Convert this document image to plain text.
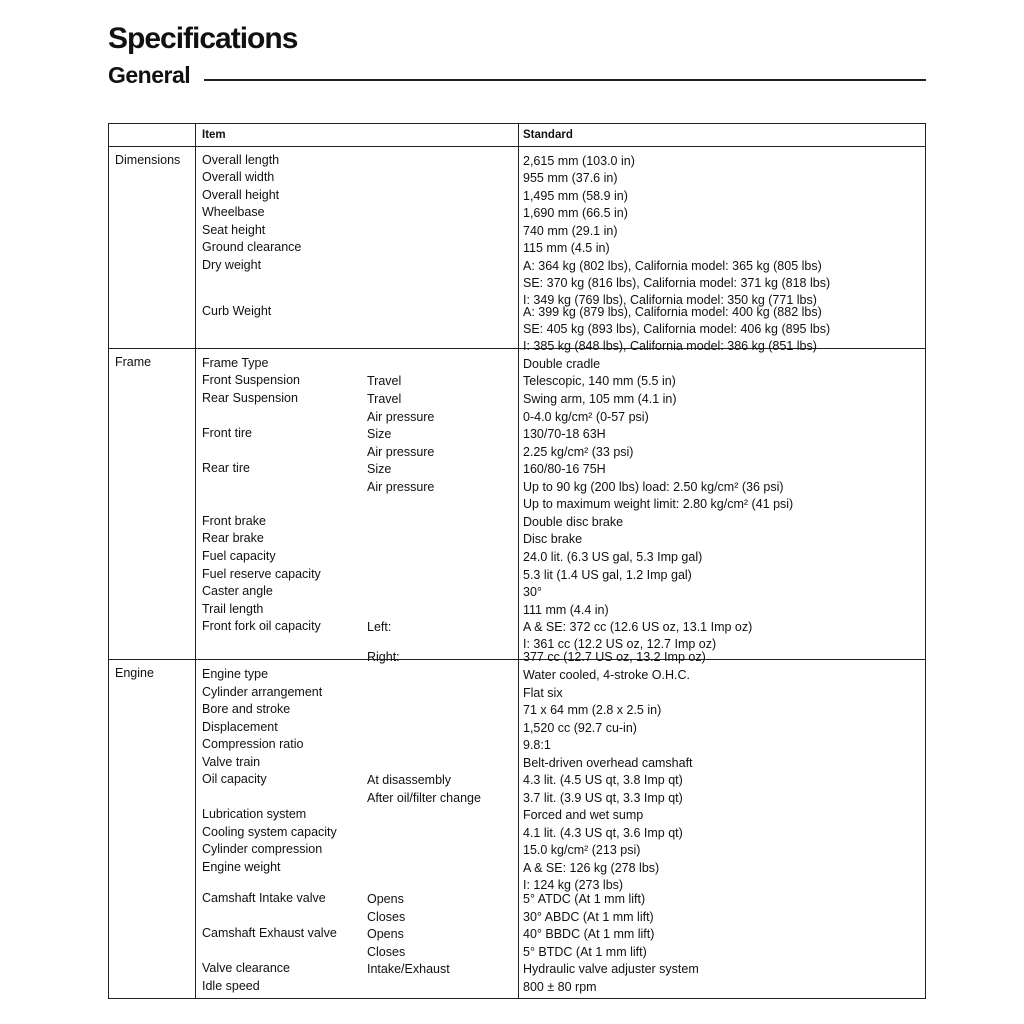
Specifications
General
Item	Standard
Dimensions Overall length	2,615 mm (103.0 in)
Overall width	955 mm (37.6 in)
Overall height	1,495 mm (58.9 in)
Wheelbase	1,690 mm (66.5 in)
Seat height	740 mm (29.1 in)
Ground clearance	115 mm (4.5 in)
Dry weight	A: 364 kg (802 lbs), California model: 365 kg (805 lbs)
SE: 370 kg (816 lbs), California model: 371 kg (818 lbs)
I: 349 kg (769 lbs), California model: 350 kg (771 lbs)
Curb Weight	A: 399 kg (879 lbs), California model: 400 kg (882 lbs)
SE: 405 kg (893 lbs), California model: 406 kg (895 lbs)
I: 385 kg (848 lbs), California model: 386 kg (851 lbs)
Frame	Frame Type	Double cradle
Front Suspension	Travel	Telescopic, 140 mm (5.5 in)
Rear Suspension	Travel	Swing arm, 105 mm (4.1 in)
Air pressure	0-4.0 kg/cm² (0-57 psi)
Front tire	Size	130/70-18 63H
Air pressure	2.25 kg/cm² (33 psi)
Rear tire	Size	160/80-16 75H
Air pressure	Up to 90 kg (200 lbs) load: 2.50 kg/cm² (36 psi)
Up to maximum weight limit: 2.80 kg/cm² (41 psi)
Front brake	Double disc brake
Rear brake	Disc brake
Fuel capacity	24.0 lit. (6.3 US gal, 5.3 Imp gal)
Fuel reserve capacity	5.3 lit (1.4 US gal, 1.2 Imp gal)
Caster angle	30°
Trail length	111 mm (4.4 in)
Front fork oil capacity	Left:	A & SE: 372 cc (12.6 US oz, 13.1 Imp oz)
I: 361 cc (12.2 US oz, 12.7 Imp oz)
Right:	377 cc (12.7 US oz, 13.2 Imp oz)
Engine	Engine type	Water cooled, 4-stroke O.H.C.
Cylinder arrangement	Flat six
Bore and stroke	71 x 64 mm (2.8 x 2.5 in)
Displacement	1,520 cc (92.7 cu-in)
Compression ratio	9.8:1
Valve train	Belt-driven overhead camshaft
Oil capacity	At disassembly	4.3 lit. (4.5 US qt, 3.8 Imp qt)
After oil/filter change	3.7 lit. (3.9 US qt, 3.3 Imp qt)
Lubrication system	Forced and wet sump
Cooling system capacity	4.1 lit. (4.3 US qt, 3.6 Imp qt)
Cylinder compression	15.0 kg/cm² (213 psi)
Engine weight	A & SE: 126 kg (278 lbs)
I: 124 kg (273 lbs)
Camshaft Intake valve	Opens	5° ATDC (At 1 mm lift)
Closes	30° ABDC (At 1 mm lift)
Camshaft Exhaust valve Opens	40° BBDC (At 1 mm lift)
Closes	5° BTDC (At 1 mm lift)
Valve clearance	Intake/Exhaust	Hydraulic valve adjuster system
Idle speed	800 ± 80 rpm
